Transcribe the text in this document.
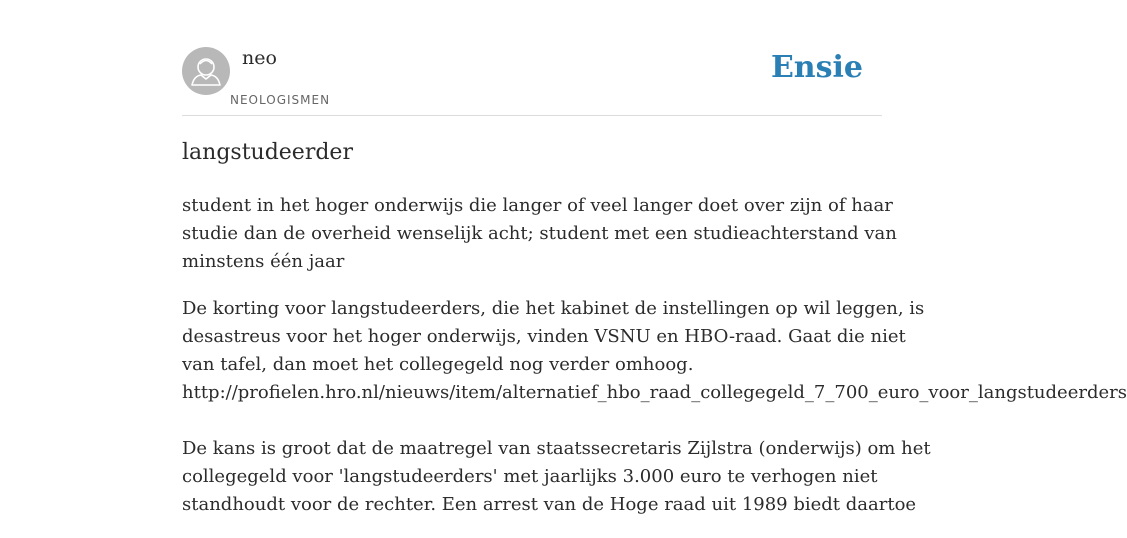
neo
NEOLOGISMEN
Ensie
langstudeerder

student in het hoger onderwijs die langer of veel langer doet over zijn of haar
studie dan de overheid wenselijk acht; student met een studieachterstand van
minstens één jaar

De korting voor langstudeerders, die het kabinet de instellingen op wil leggen, is
desastreus voor het hoger onderwijs, vinden VSNU en HBO-raad. Gaat die niet
van tafel, dan moet het collegegeld nog verder omhoog.
http://profielen.hro.nl/nieuws/item/alternatief_hbo_raad_collegegeld_7_700_euro_voor_langstudeerders
De kans is groot dat de maatregel van staatssecretaris Zijlstra (onderwijs) om het
collegegeld voor 'langstudeerders' met jaarlijks 3.000 euro te verhogen niet
standhoudt voor de rechter. Een arrest van de Hoge raad uit 1989 biedt daartoe
